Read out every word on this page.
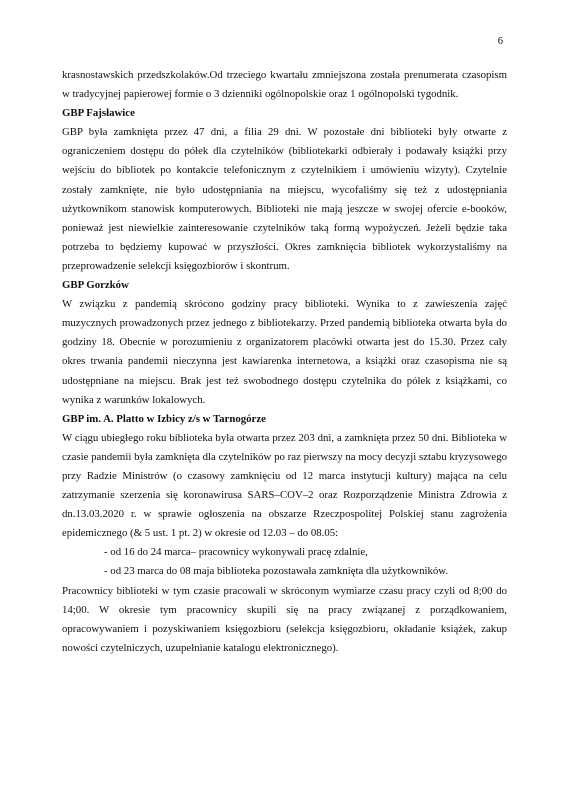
6

krasnostawskich przedszkolaków.Od trzeciego kwartału zmniejszona została prenumerata czasopism w tradycyjnej papierowej formie o 3 dzienniki ogólnopolskie oraz 1 ogólnopolski tygodnik.

GBP Fajsławice

GBP była zamknięta przez 47 dni, a filia 29 dni. W pozostałe dni biblioteki były otwarte z ograniczeniem dostępu do półek dla czytelników (bibliotekarki odbierały i podawały książki przy wejściu do bibliotek po kontakcie telefonicznym z czytelnikiem i umówieniu wizyty). Czytelnie zostały zamknięte, nie było udostępniania na miejscu, wycofaliśmy się też z udostępniania użytkownikom stanowisk komputerowych. Biblioteki nie mają jeszcze w swojej ofercie e-booków, ponieważ jest niewielkie zainteresowanie czytelników taką formą wypożyczeń. Jeżeli będzie taka potrzeba to będziemy kupować w przyszłości. Okres zamknięcia bibliotek wykorzystaliśmy na przeprowadzenie selekcji księgozbiorów i skontrum.

GBP Gorzków

W związku z pandemią skrócono godziny pracy biblioteki. Wynika to z zawieszenia zajęć muzycznych prowadzonych przez jednego z bibliotekarzy. Przed pandemią biblioteka otwarta była do godziny 18. Obecnie w porozumieniu z organizatorem placówki otwarta jest do 15.30. Przez cały okres trwania pandemii nieczynna jest kawiarenka internetowa, a książki oraz czasopisma nie są udostępniane na miejscu. Brak jest też swobodnego dostępu czytelnika do półek z książkami, co wynika z warunków lokalowych.

GBP im. A. Platto w Izbicy z/s w Tarnogórze

W ciągu ubiegłego roku biblioteka była otwarta przez 203 dni, a zamknięta przez 50 dni. Biblioteka w czasie pandemii była zamknięta dla czytelników po raz pierwszy na mocy decyzji sztabu kryzysowego przy Radzie Ministrów (o czasowy zamknięciu od 12 marca instytucji kultury) mająca na celu zatrzymanie szerzenia się koronawirusa SARS–COV–2 oraz Rozporządzenie Ministra Zdrowia z dn.13.03.2020 r. w sprawie ogłoszenia na obszarze Rzeczpospolitej Polskiej stanu zagrożenia epidemicznego (& 5 ust. 1 pt. 2) w okresie od 12.03 – do 08.05:

- od 16 do 24 marca– pracownicy wykonywali pracę zdalnie,

- od 23 marca do 08 maja biblioteka pozostawała zamknięta dla użytkowników.

Pracownicy biblioteki w tym czasie pracowali w skróconym wymiarze czasu pracy czyli od 8;00 do 14;00. W okresie tym pracownicy skupili się na pracy związanej z porządkowaniem, opracowywaniem i pozyskiwaniem księgozbioru (selekcja księgozbioru, okładanie książek, zakup nowości czytelniczych, uzupełnianie katalogu elektronicznego).
